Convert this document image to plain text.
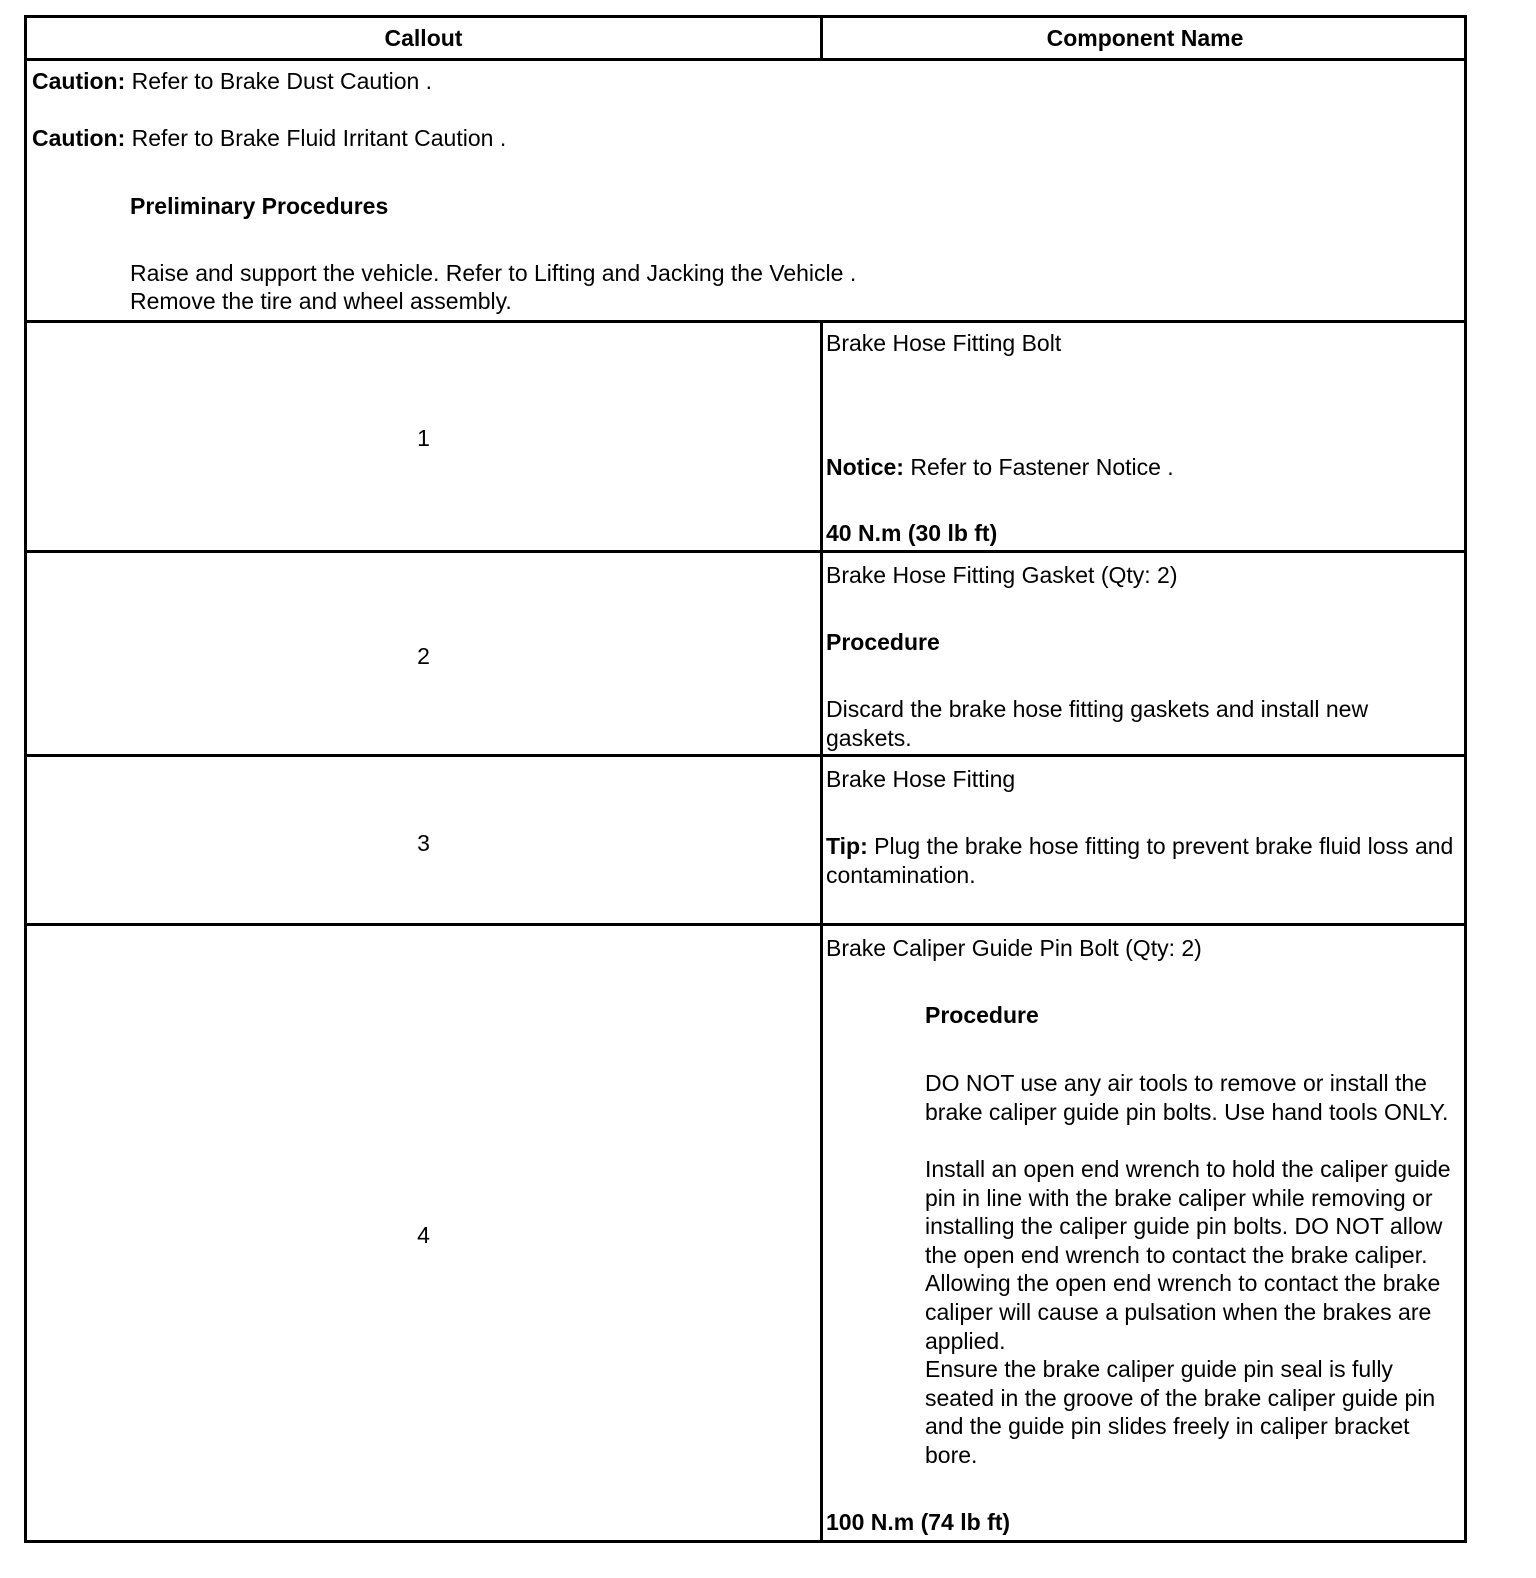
Callout	Component Name
Caution: Refer to Brake Dust Caution .
Caution: Refer to Brake Fluid Irritant Caution .
Preliminary Procedures
Raise and support the vehicle. Refer to Lifting and Jacking the Vehicle .
Remove the tire and wheel assembly.
1
Brake Hose Fitting Bolt
Notice: Refer to Fastener Notice .
40 N.m (30 lb ft)
2
Brake Hose Fitting Gasket (Qty: 2)
Procedure
Discard the brake hose fitting gaskets and install new gaskets.
3
Brake Hose Fitting
Tip: Plug the brake hose fitting to prevent brake fluid loss and contamination.
4
Brake Caliper Guide Pin Bolt (Qty: 2)
Procedure
DO NOT use any air tools to remove or install the brake caliper guide pin bolts. Use hand tools ONLY.
Install an open end wrench to hold the caliper guide pin in line with the brake caliper while removing or installing the caliper guide pin bolts. DO NOT allow the open end wrench to contact the brake caliper. Allowing the open end wrench to contact the brake caliper will cause a pulsation when the brakes are applied.
Ensure the brake caliper guide pin seal is fully seated in the groove of the brake caliper guide pin and the guide pin slides freely in caliper bracket bore.
100 N.m (74 lb ft)
